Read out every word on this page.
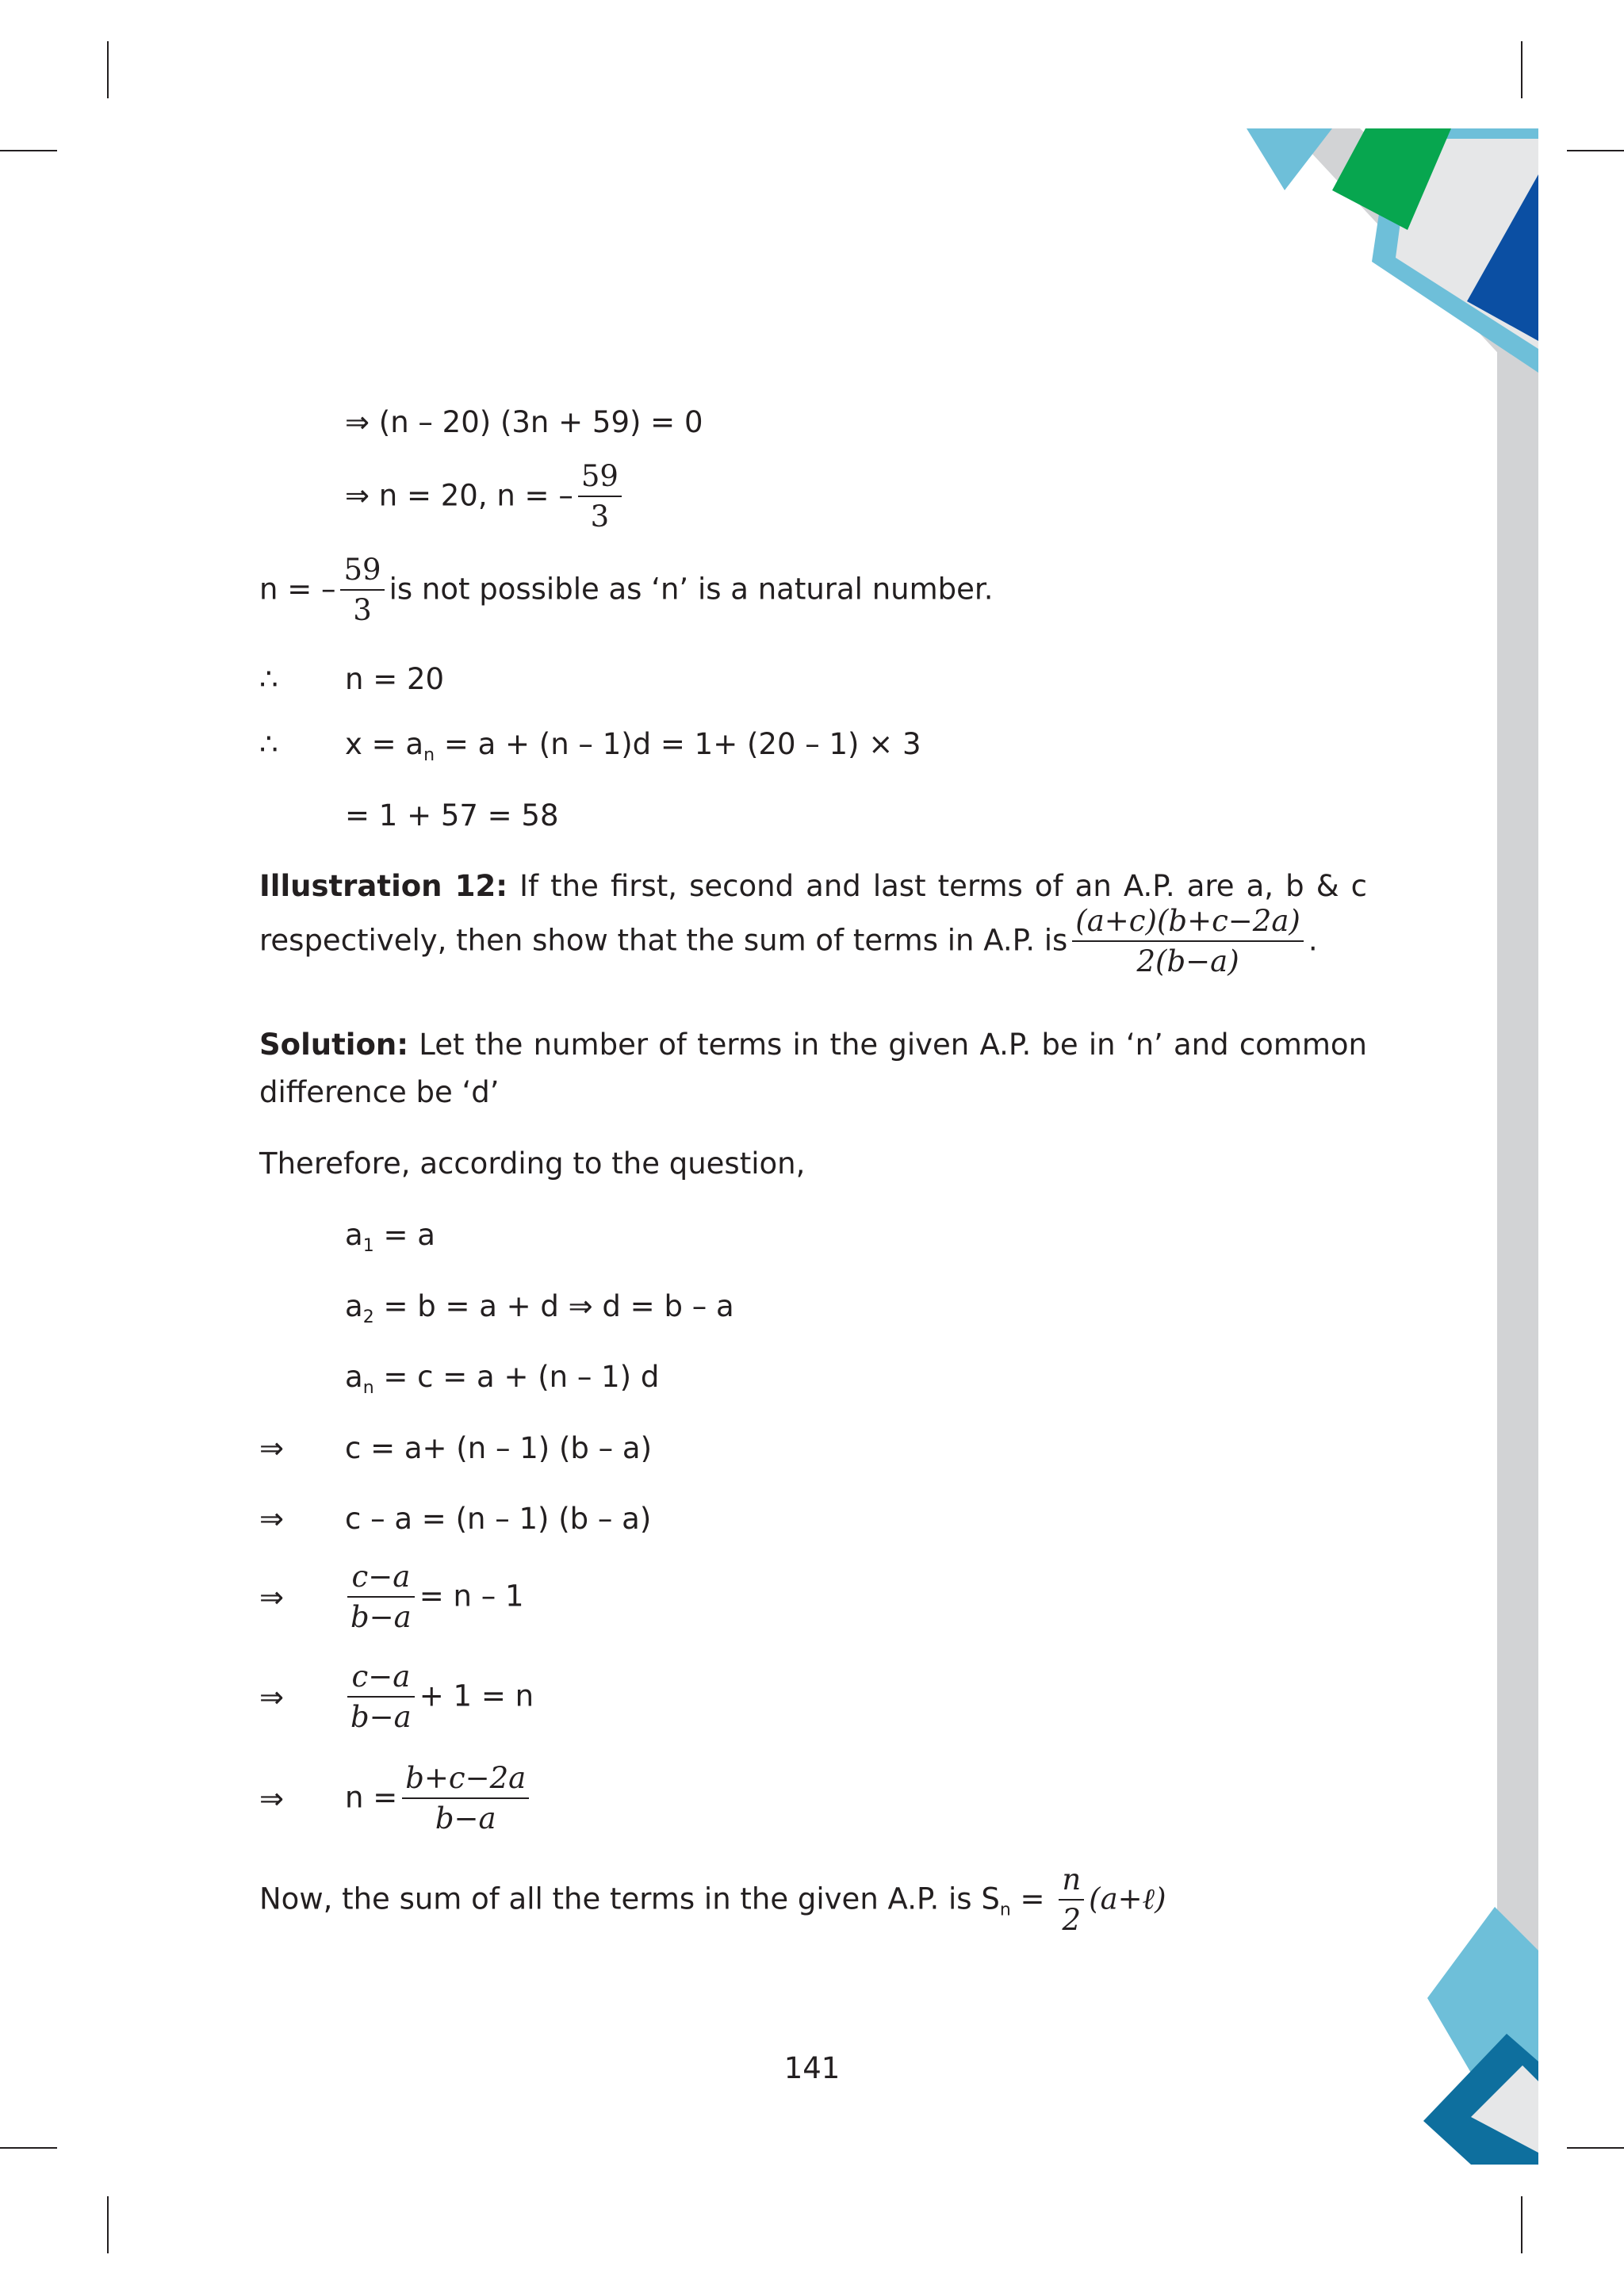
⇒ (n – 20) (3n + 59) = 0
⇒ n = 20, n = – $\frac{59}{3}$
n = – $\frac{59}{3}$ is not possible as ‘n’ is a natural number.
∴ n = 20
∴ $x = a_n = a + (n - 1)d = 1+ (20 - 1) \times 3$
= 1 + 57 = 58
Illustration 12: If the first, second and last terms of an A.P. are a, b & c
respectively, then show that the sum of terms in A.P. is $\frac{(a+c)(b+c-2a)}{2(b-a)}$ .
Solution: Let the number of terms in the given A.P. be in ‘n’ and common
difference be ‘d’
Therefore, according to the question,
$a_1 = a$
$a_2 = b = a + d$ ⇒ d = b – a
$a_n = c = a + (n - 1)$ d
⇒ c = a+ (n – 1) (b – a)
⇒ c – a = (n – 1) (b – a)
⇒ $\frac{c-a}{b-a} = n - 1$
⇒ $\frac{c-a}{b-a} + 1 = n$
⇒ $n = \frac{b+c-2a}{b-a}$
Now, the sum of all the terms in the given A.P. is $S_n = \frac{n}{2}$ (a+ℓ)
141
